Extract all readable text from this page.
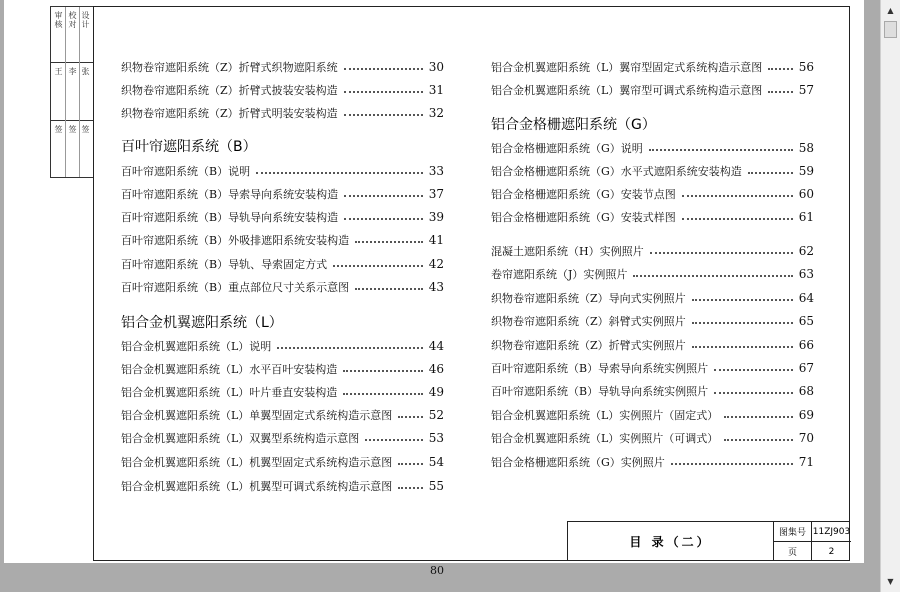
审核 校对 设计
王 李 张
签 签 签
织物卷帘遮阳系统（Z）折臂式织物遮阳系统	30
织物卷帘遮阳系统（Z）折臂式披装安装构造	31
织物卷帘遮阳系统（Z）折臂式明装安装构造	32
百叶帘遮阳系统（B）
百叶帘遮阳系统（B）说明	33
百叶帘遮阳系统（B）导索导向系统安装构造	37
百叶帘遮阳系统（B）导轨导向系统安装构造	39
百叶帘遮阳系统（B）外吸排遮阳系统安装构造	41
百叶帘遮阳系统（B）导轨、导索固定方式	42
百叶帘遮阳系统（B）重点部位尺寸关系示意图	43
铝合金机翼遮阳系统（L）
铝合金机翼遮阳系统（L）说明	44
铝合金机翼遮阳系统（L）水平百叶安装构造	46
铝合金机翼遮阳系统（L）叶片垂直安装构造	49
铝合金机翼遮阳系统（L）单翼型固定式系统构造示意图	52
铝合金机翼遮阳系统（L）双翼型系统构造示意图	53
铝合金机翼遮阳系统（L）机翼型固定式系统构造示意图	54
铝合金机翼遮阳系统（L）机翼型可调式系统构造示意图	55
铝合金机翼遮阳系统（L）翼帘型固定式系统构造示意图	56
铝合金机翼遮阳系统（L）翼帘型可调式系统构造示意图	57
铝合金格栅遮阳系统（G）
铝合金格栅遮阳系统（G）说明	58
铝合金格栅遮阳系统（G）水平式遮阳系统安装构造	59
铝合金格栅遮阳系统（G）安装节点图	60
铝合金格栅遮阳系统（G）安装式样图	61
混凝土遮阳系统（H）实例照片	62
卷帘遮阳系统（J）实例照片	63
织物卷帘遮阳系统（Z）导向式实例照片	64
织物卷帘遮阳系统（Z）斜臂式实例照片	65
织物卷帘遮阳系统（Z）折臂式实例照片	66
百叶帘遮阳系统（B）导索导向系统实例照片	67
百叶帘遮阳系统（B）导轨导向系统实例照片	68
铝合金机翼遮阳系统（L）实例照片（固定式）	69
铝合金机翼遮阳系统（L）实例照片（可调式）	70
铝合金格栅遮阳系统（G）实例照片	71
目 录（二）
图集号 11ZJ903
页	2
80
▲
▼
